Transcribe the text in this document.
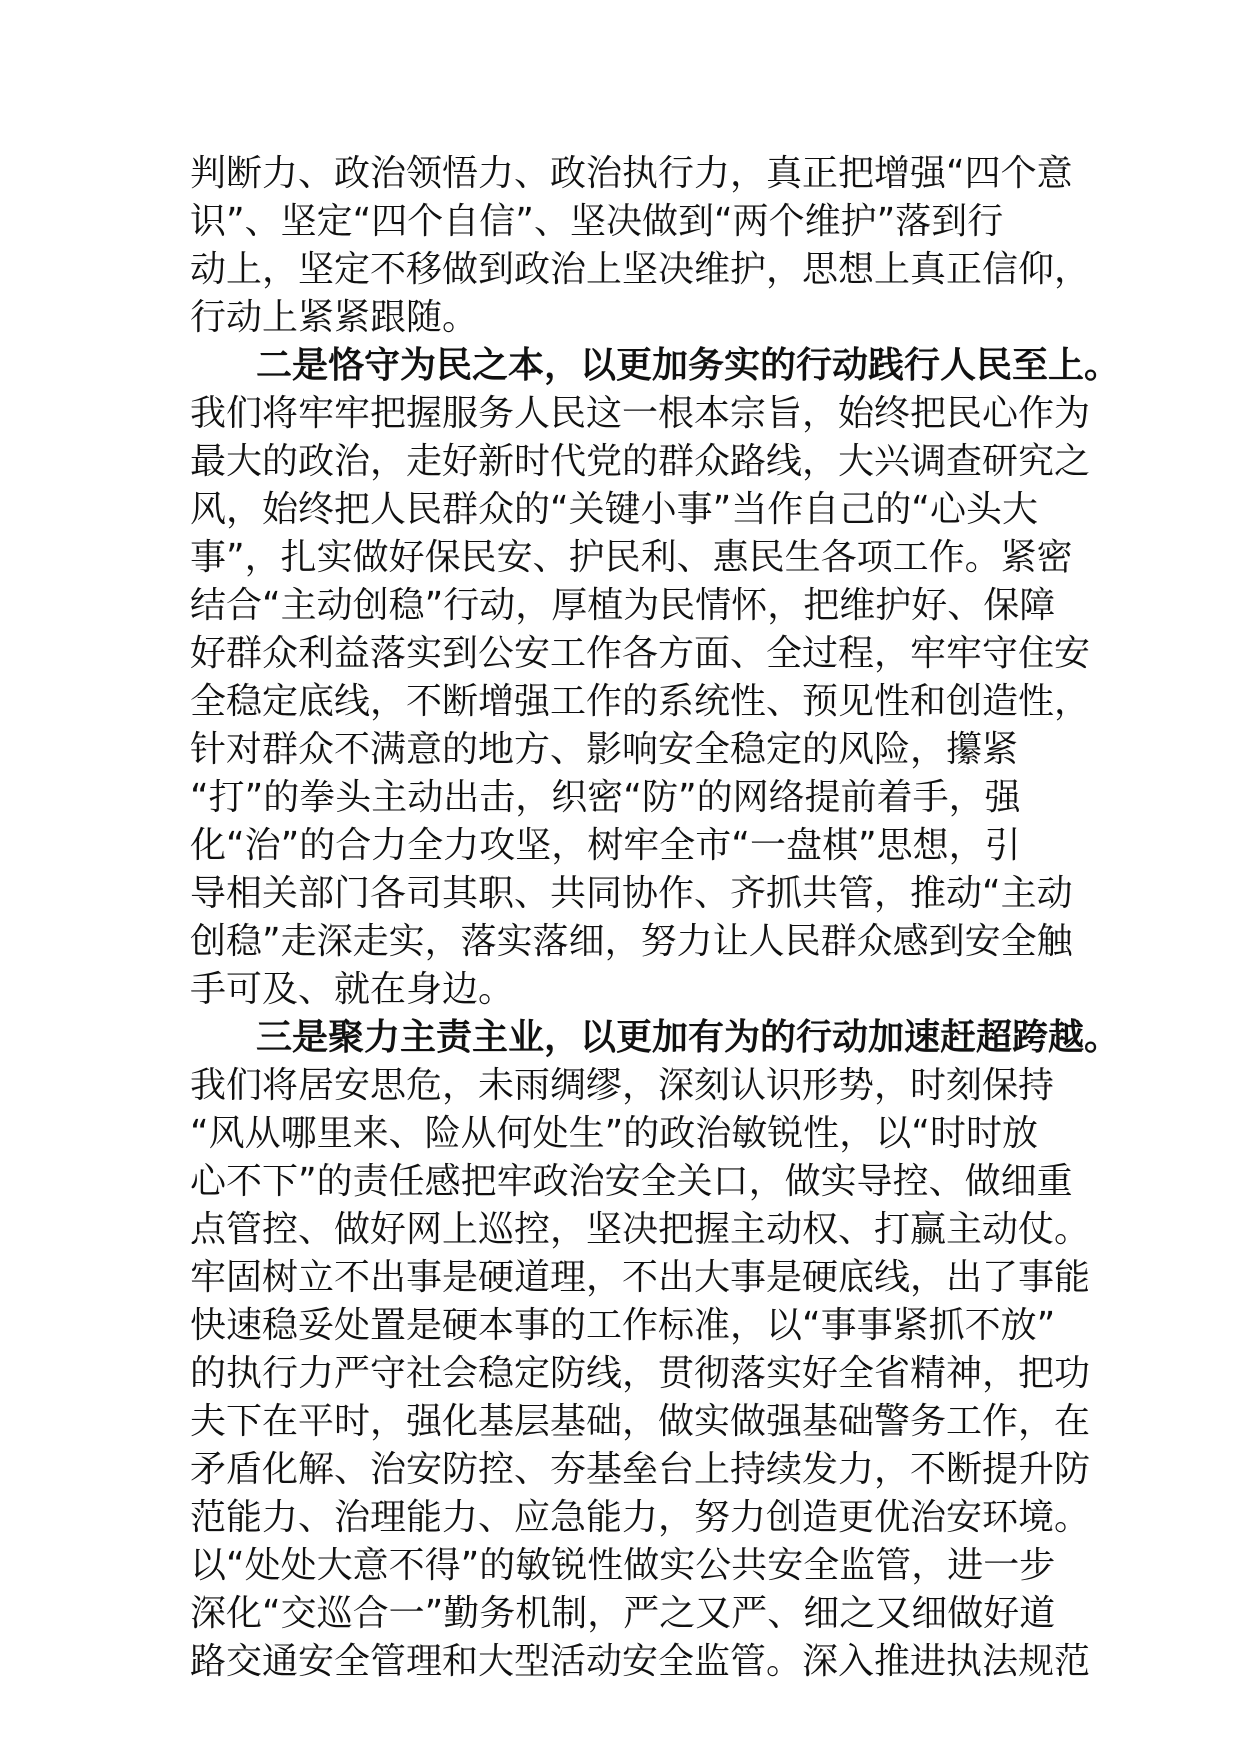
判断力、政治领悟力、政治执行力，真正把增强“四个意
识”、坚定“四个自信”、坚决做到“两个维护”落到行
动上，坚定不移做到政治上坚决维护，思想上真正信仰，
行动上紧紧跟随。
二是恪守为民之本，以更加务实的行动践行人民至上。
我们将牢牢把握服务人民这一根本宗旨，始终把民心作为
最大的政治，走好新时代党的群众路线，大兴调查研究之
风，始终把人民群众的“关键小事”当作自己的“心头大
事”，扎实做好保民安、护民利、惠民生各项工作。紧密
结合“主动创稳”行动，厚植为民情怀，把维护好、保障
好群众利益落实到公安工作各方面、全过程，牢牢守住安
全稳定底线，不断增强工作的系统性、预见性和创造性，
针对群众不满意的地方、影响安全稳定的风险，攥紧
“打”的拳头主动出击，织密“防”的网络提前着手，强
化“治”的合力全力攻坚，树牢全市“一盘棋”思想，引
导相关部门各司其职、共同协作、齐抓共管，推动“主动
创稳”走深走实，落实落细，努力让人民群众感到安全触
手可及、就在身边。
三是聚力主责主业，以更加有为的行动加速赶超跨越。
我们将居安思危，未雨绸缪，深刻认识形势，时刻保持
“风从哪里来、险从何处生”的政治敏锐性，以“时时放
心不下”的责任感把牢政治安全关口，做实导控、做细重
点管控、做好网上巡控，坚决把握主动权、打赢主动仗。
牢固树立不出事是硬道理，不出大事是硬底线，出了事能
快速稳妥处置是硬本事的工作标准，以“事事紧抓不放”
的执行力严守社会稳定防线，贯彻落实好全省精神，把功
夫下在平时，强化基层基础，做实做强基础警务工作，在
矛盾化解、治安防控、夯基垒台上持续发力，不断提升防
范能力、治理能力、应急能力，努力创造更优治安环境。
以“处处大意不得”的敏锐性做实公共安全监管，进一步
深化“交巡合一”勤务机制，严之又严、细之又细做好道
路交通安全管理和大型活动安全监管。深入推进执法规范
